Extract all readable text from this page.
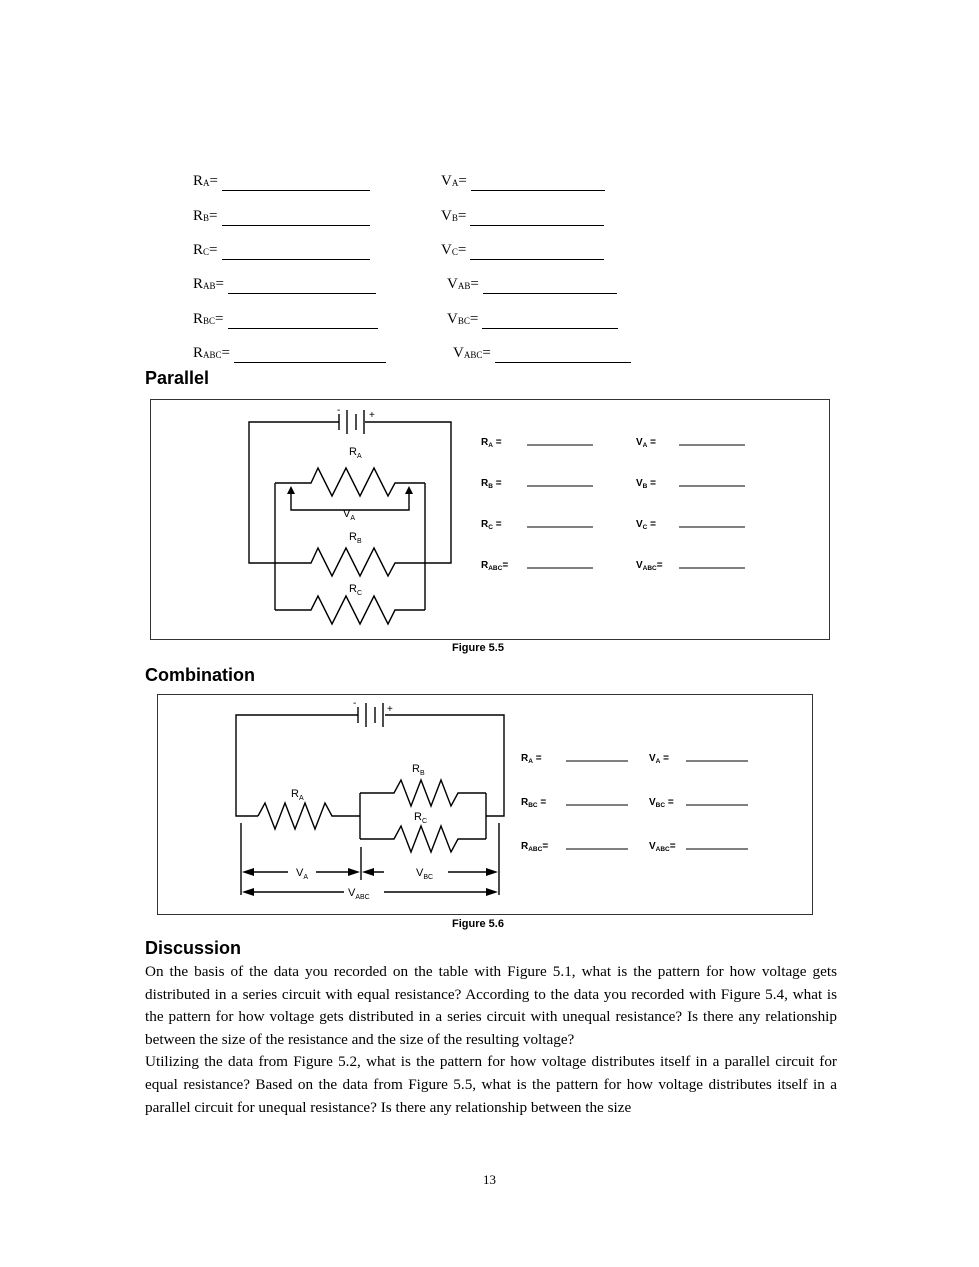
$R_A=$	$V_A=$
$R_B=$	$V_B=$
$R_C=$	$V_C=$
$R_{AB}=$	$V_{AB}=$
$R_{BC}=$	$V_{BC}=$
$R_{ABC}=$	$V_{ABC}=$
Parallel
-	+
$R_A$
$V_A$
$R_B$
$R_C$
$R_A$ =	$V_A$ =
$R_B$ =	$V_B$ =
$R_C$ =	$V_C$ =
$R_{ABC}=$	$V_{ABC}=$
Figure 5.5
Combination
-
+
$R_A$
$R_B$
$R_C$
$V_A$	$V_{BC}$
$V_{ABC}$
$R_A$ =	$V_A$ =
$R_{BC}$ =	$V_{BC}$ =
$R_{ABC}=$	$V_{ABC}=$
Figure 5.6
Discussion

On the basis of the data you recorded on the table with Figure 5.1, what is the pattern for how voltage gets distributed in a series circuit with equal resistance? According to the data you recorded with Figure 5.4, what is the pattern for how voltage gets distributed in a series circuit with unequal resistance? Is there any relationship between the size of the resistance and the size of the resulting voltage?

Utilizing the data from Figure 5.2, what is the pattern for how voltage distributes itself in a parallel circuit for equal resistance? Based on the data from Figure 5.5, what is the pattern for how voltage distributes itself in a parallel circuit for unequal resistance? Is there any relationship between the size

13
